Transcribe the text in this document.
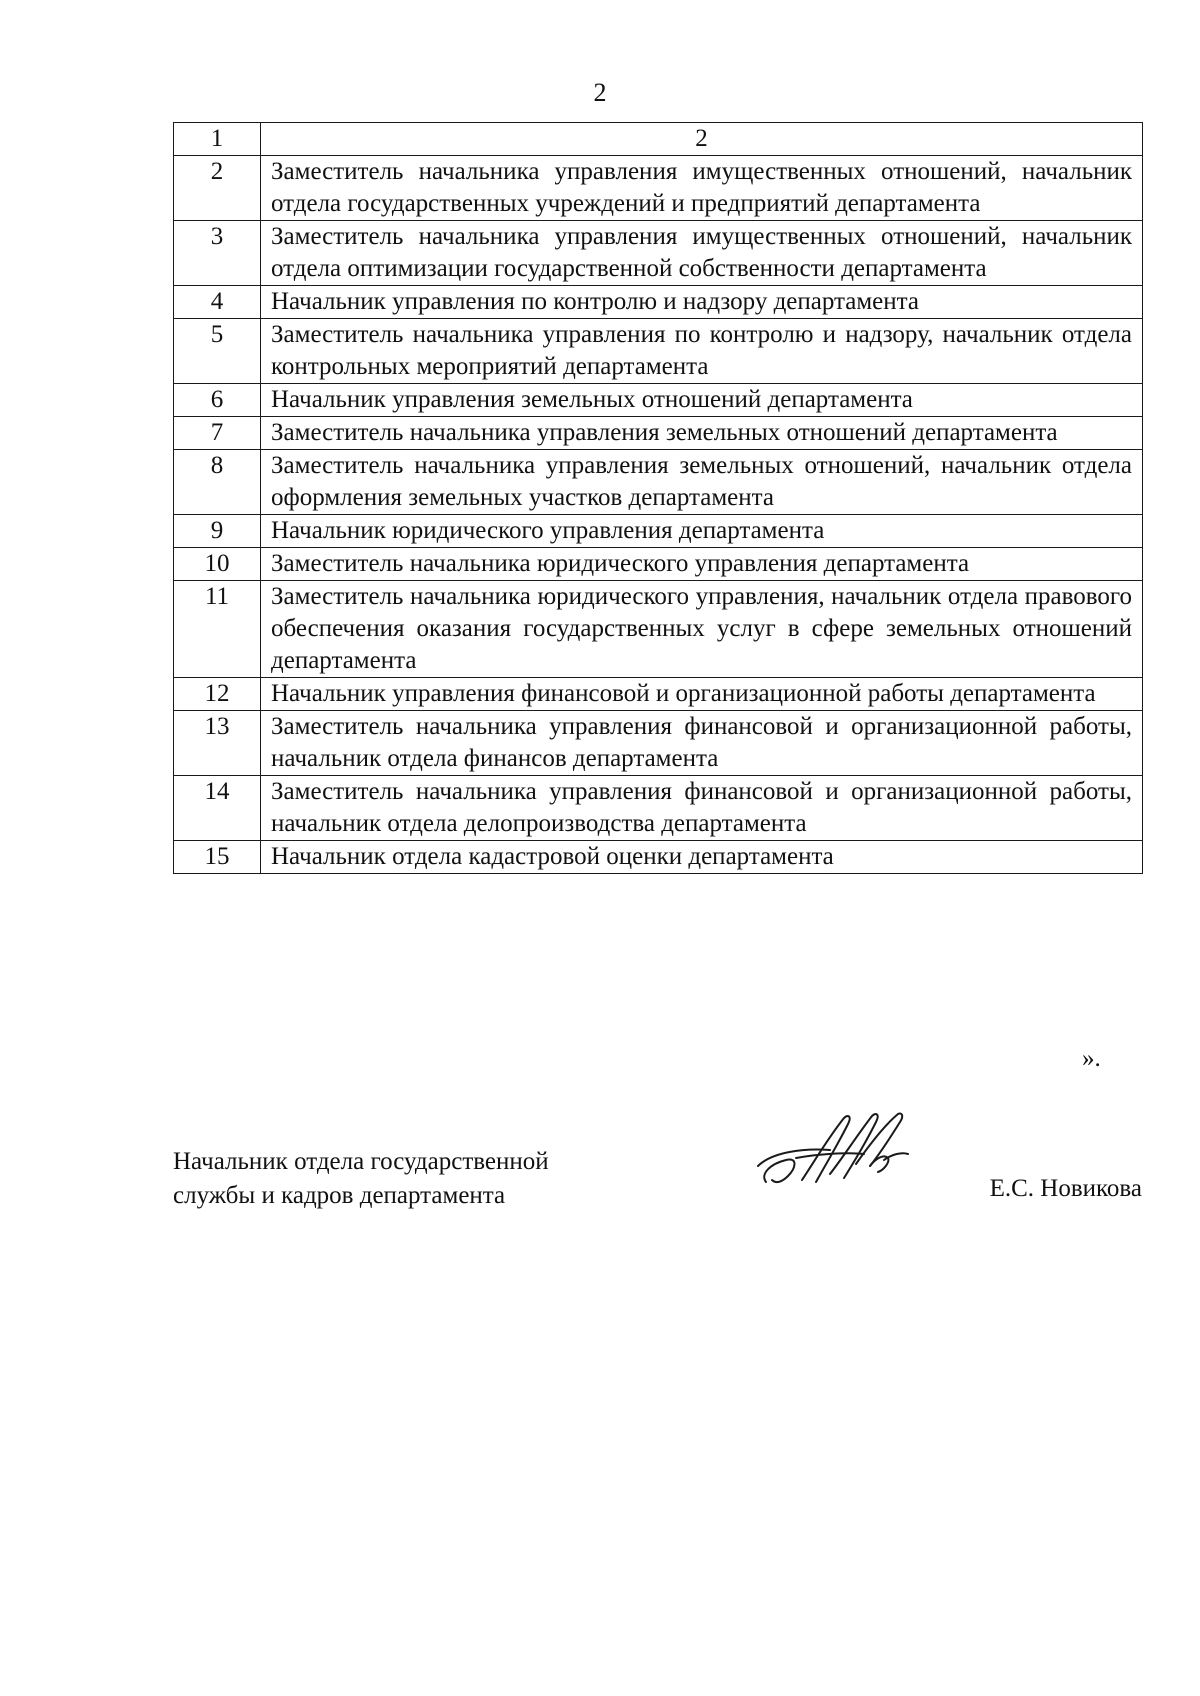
2
1	2
2	Заместитель начальника управления имущественных отношений, начальник отдела государственных учреждений и предприятий департамента
3	Заместитель начальника управления имущественных отношений, начальник отдела оптимизации государственной собственности департамента
4	Начальник управления по контролю и надзору департамента
5	Заместитель начальника управления по контролю и надзору, начальник отдела контрольных мероприятий департамента
6	Начальник управления земельных отношений департамента
7	Заместитель начальника управления земельных отношений департамента
8	Заместитель начальника управления земельных отношений, начальник отдела оформления земельных участков департамента
9	Начальник юридического управления департамента
10	Заместитель начальника юридического управления департамента
11	Заместитель начальника юридического управления, начальник отдела правового обеспечения оказания государственных услуг в сфере земельных отношений департамента
12	Начальник управления финансовой и организационной работы департамента
13	Заместитель начальника управления финансовой и организационной работы, начальник отдела финансов департамента
14	Заместитель начальника управления финансовой и организационной работы, начальник отдела делопроизводства департамента
15	Начальник отдела кадастровой оценки департамента
».
Начальник отдела государственной
службы и кадров департамента	Е.С. Новикова
